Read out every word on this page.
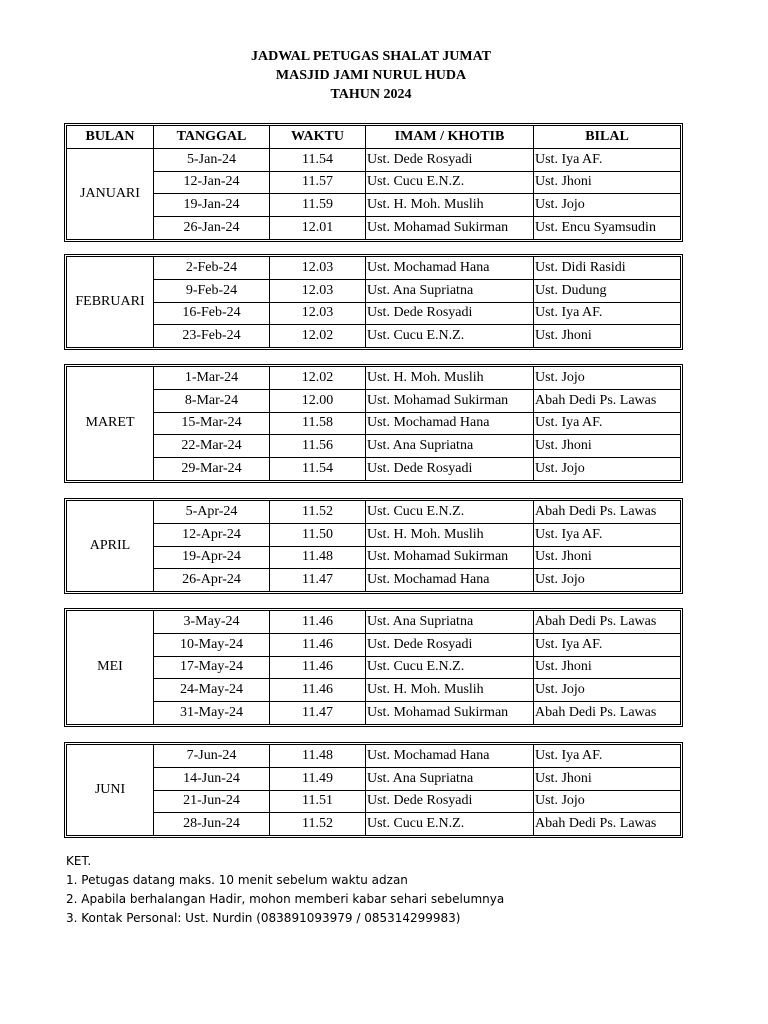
JADWAL PETUGAS SHALAT JUMAT
MASJID JAMI NURUL HUDA
TAHUN 2024
BULAN	TANGGAL	WAKTU	IMAM / KHOTIB	BILAL
JANUARI	5-Jan-24	11.54	Ust. Dede Rosyadi	Ust. Iya AF.
	12-Jan-24	11.57	Ust. Cucu E.N.Z.	Ust. Jhoni
	19-Jan-24	11.59	Ust. H. Moh. Muslih	Ust. Jojo
	26-Jan-24	12.01	Ust. Mohamad Sukirman	Ust. Encu Syamsudin
FEBRUARI	2-Feb-24	12.03	Ust. Mochamad Hana	Ust. Didi Rasidi
	9-Feb-24	12.03	Ust. Ana Supriatna	Ust. Dudung
	16-Feb-24	12.03	Ust. Dede Rosyadi	Ust. Iya AF.
	23-Feb-24	12.02	Ust. Cucu E.N.Z.	Ust. Jhoni
MARET	1-Mar-24	12.02	Ust. H. Moh. Muslih	Ust. Jojo
	8-Mar-24	12.00	Ust. Mohamad Sukirman	Abah Dedi Ps. Lawas
	15-Mar-24	11.58	Ust. Mochamad Hana	Ust. Iya AF.
	22-Mar-24	11.56	Ust. Ana Supriatna	Ust. Jhoni
	29-Mar-24	11.54	Ust. Dede Rosyadi	Ust. Jojo
APRIL	5-Apr-24	11.52	Ust. Cucu E.N.Z.	Abah Dedi Ps. Lawas
	12-Apr-24	11.50	Ust. H. Moh. Muslih	Ust. Iya AF.
	19-Apr-24	11.48	Ust. Mohamad Sukirman	Ust. Jhoni
	26-Apr-24	11.47	Ust. Mochamad Hana	Ust. Jojo
MEI	3-May-24	11.46	Ust. Ana Supriatna	Abah Dedi Ps. Lawas
	10-May-24	11.46	Ust. Dede Rosyadi	Ust. Iya AF.
	17-May-24	11.46	Ust. Cucu E.N.Z.	Ust. Jhoni
	24-May-24	11.46	Ust. H. Moh. Muslih	Ust. Jojo
	31-May-24	11.47	Ust. Mohamad Sukirman	Abah Dedi Ps. Lawas
JUNI	7-Jun-24	11.48	Ust. Mochamad Hana	Ust. Iya AF.
	14-Jun-24	11.49	Ust. Ana Supriatna	Ust. Jhoni
	21-Jun-24	11.51	Ust. Dede Rosyadi	Ust. Jojo
	28-Jun-24	11.52	Ust. Cucu E.N.Z.	Abah Dedi Ps. Lawas
KET.
1. Petugas datang maks. 10 menit sebelum waktu adzan
2. Apabila berhalangan Hadir, mohon memberi kabar sehari sebelumnya
3. Kontak Personal: Ust. Nurdin (083891093979 / 085314299983)
